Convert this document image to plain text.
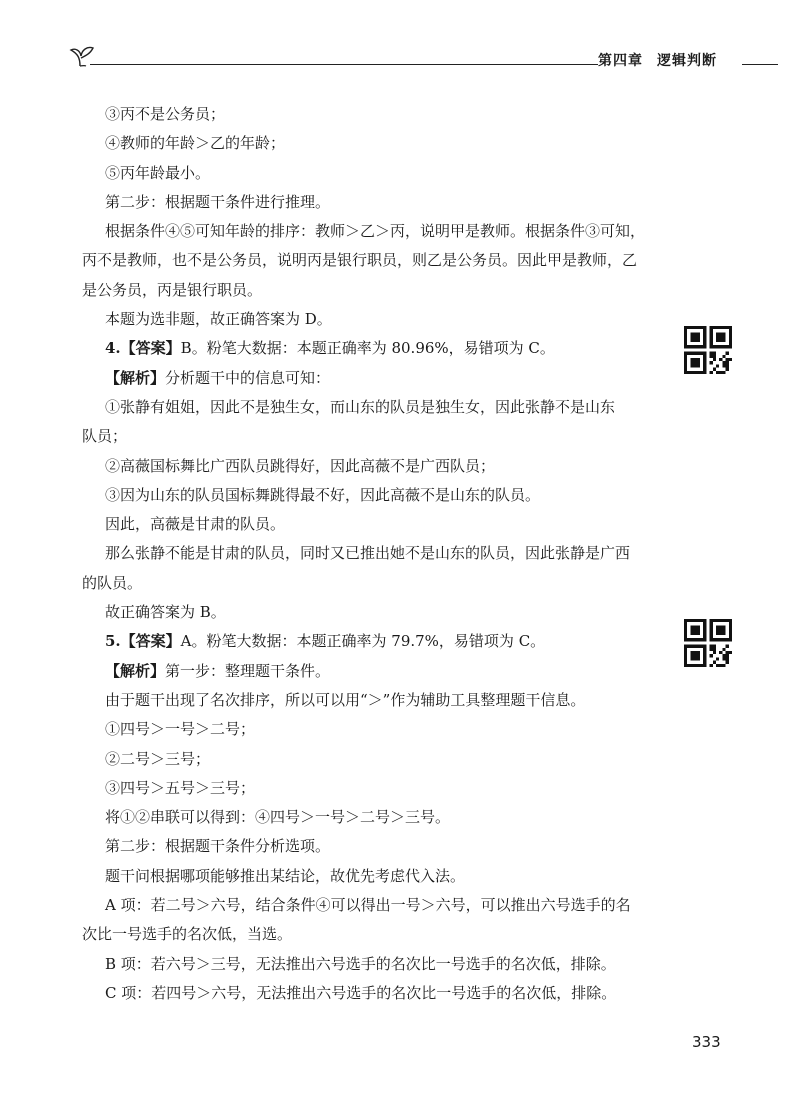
第四章 逻辑判断
③丙不是公务员；
④教师的年龄＞乙的年龄；
⑤丙年龄最小。
第二步：根据题干条件进行推理。
根据条件④⑤可知年龄的排序：教师＞乙＞丙，说明甲是教师。根据条件③可知，
丙不是教师，也不是公务员，说明丙是银行职员，则乙是公务员。因此甲是教师，乙
是公务员，丙是银行职员。
本题为选非题，故正确答案为 D。
4.【答案】B。粉笔大数据：本题正确率为 80.96%，易错项为 C。
【解析】分析题干中的信息可知：
①张静有姐姐，因此不是独生女，而山东的队员是独生女，因此张静不是山东
队员；
②高薇国标舞比广西队员跳得好，因此高薇不是广西队员；
③因为山东的队员国标舞跳得最不好，因此高薇不是山东的队员。
因此，高薇是甘肃的队员。
那么张静不能是甘肃的队员，同时又已推出她不是山东的队员，因此张静是广西
的队员。
故正确答案为 B。
5.【答案】A。粉笔大数据：本题正确率为 79.7%，易错项为 C。
【解析】第一步：整理题干条件。
由于题干出现了名次排序，所以可以用“＞”作为辅助工具整理题干信息。
①四号＞一号＞二号；
②二号＞三号；
③四号＞五号＞三号；
将①②串联可以得到：④四号＞一号＞二号＞三号。
第二步：根据题干条件分析选项。
题干问根据哪项能够推出某结论，故优先考虑代入法。
A 项：若二号＞六号，结合条件④可以得出一号＞六号，可以推出六号选手的名
次比一号选手的名次低，当选。
B 项：若六号＞三号，无法推出六号选手的名次比一号选手的名次低，排除。
C 项：若四号＞六号，无法推出六号选手的名次比一号选手的名次低，排除。
333
